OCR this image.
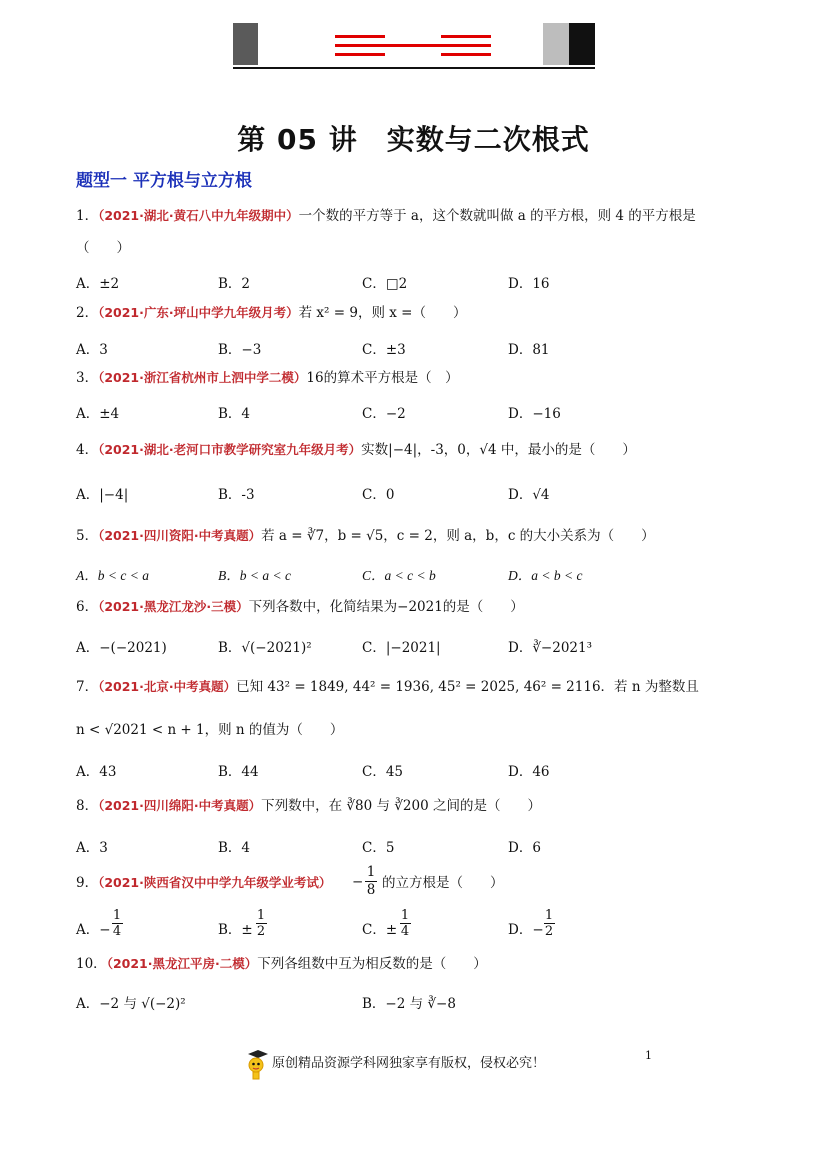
第 05 讲　实数与二次根式
题型一 平方根与立方根
1．（2021·湖北·黄石八中九年级期中）一个数的平方等于 a，这个数就叫做 a 的平方根，则 4 的平方根是
（　　）
A．±2	B．2	C．□2	D．16
2．（2021·广东·坪山中学九年级月考）若 x² = 9，则 x =（　　）
A．3	B．−3	C．±3	D．81
3．（2021·浙江省杭州市上泗中学二模）16的算术平方根是（　）
A．±4	B．4	C．−2	D．−16
4．（2021·湖北·老河口市教学研究室九年级月考）实数|−4|，-3，0，√4 中，最小的是（　　）
A．|−4|	B．-3	C．0	D．√4
5．（2021·四川资阳·中考真题）若 a = ∛7，b = √5，c = 2，则 a，b，c 的大小关系为（　　）
A．b < c < a	B．b < a < c	C．a < c < b	D．a < b < c
6．（2021·黑龙江龙沙·三模）下列各数中，化简结果为−2021的是（　　）
A．−(−2021)	B．√(−2021)²	C．|−2021|	D．∛−2021³
7．（2021·北京·中考真题）已知 43² = 1849, 44² = 1936, 45² = 2025, 46² = 2116．若 n 为整数且
n < √2021 < n + 1，则 n 的值为（　　）
A．43	B．44	C．45	D．46
8．（2021·四川绵阳·中考真题）下列数中，在 ∛80 与 ∛200 之间的是（　　）
A．3	B．4	C．5	D．6
9．（2021·陕西省汉中中学九年级学业考试） −
1
8 的立方根是（　　）
A．−
1
4	B．±
1
2	C．±
1
4	D．−
1
2
10．（2021·黑龙江平房·二模）下列各组数中互为相反数的是（　　）
A．−2 与 √(−2)²	B．−2 与 ∛−8
1
原创精品资源学科网独家享有版权，侵权必究！
